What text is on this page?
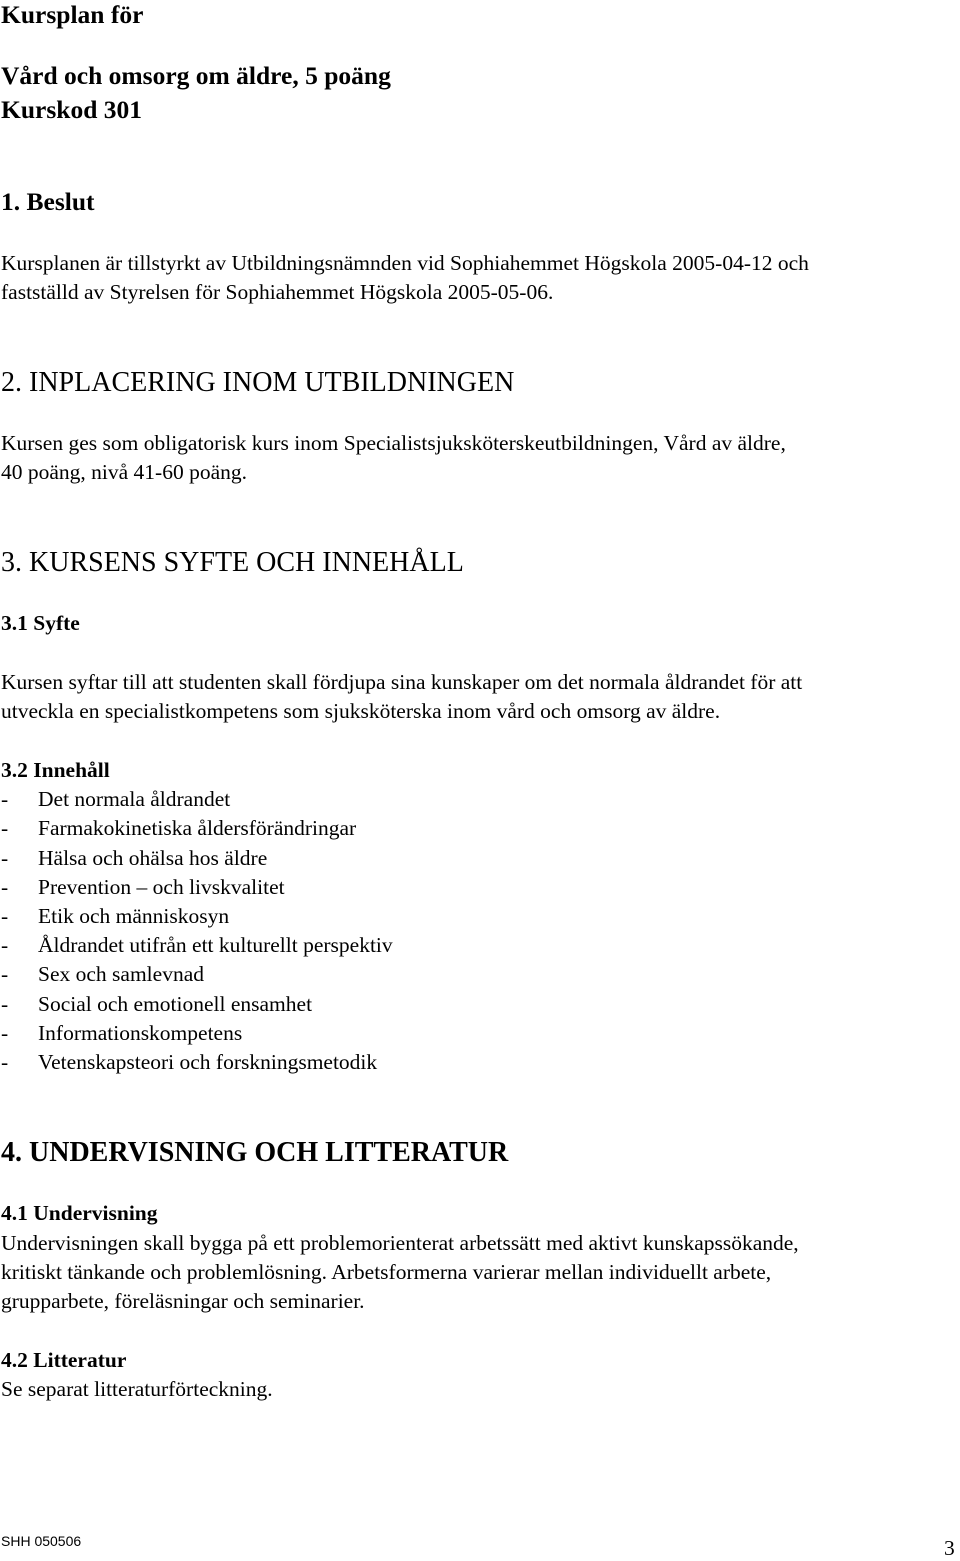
Kursplan för
Vård och omsorg om äldre, 5 poäng
Kurskod 301
1. Beslut
Kursplanen är tillstyrkt av Utbildningsnämnden vid Sophiahemmet Högskola 2005-04-12 och
fastställd av Styrelsen för Sophiahemmet Högskola 2005-05-06.
2. INPLACERING INOM UTBILDNINGEN
Kursen ges som obligatorisk kurs inom Specialistsjuksköterskeutbildningen, Vård av äldre,
40 poäng, nivå 41-60 poäng.
3. KURSENS SYFTE OCH INNEHÅLL
3.1 Syfte
Kursen syftar till att studenten skall fördjupa sina kunskaper om det normala åldrandet för att
utveckla en specialistkompetens som sjuksköterska inom vård och omsorg av äldre.
3.2 Innehåll
- Det normala åldrandet
- Farmakokinetiska åldersförändringar
- Hälsa och ohälsa hos äldre
- Prevention – och livskvalitet
- Etik och människosyn
- Åldrandet utifrån ett kulturellt perspektiv
- Sex och samlevnad
- Social och emotionell ensamhet
- Informationskompetens
- Vetenskapsteori och forskningsmetodik
4. UNDERVISNING OCH LITTERATUR
4.1 Undervisning
Undervisningen skall bygga på ett problemorienterat arbetssätt med aktivt kunskapssökande,
kritiskt tänkande och problemlösning. Arbetsformerna varierar mellan individuellt arbete,
grupparbete, föreläsningar och seminarier.
4.2 Litteratur
Se separat litteraturförteckning.
SHH 050506	3
